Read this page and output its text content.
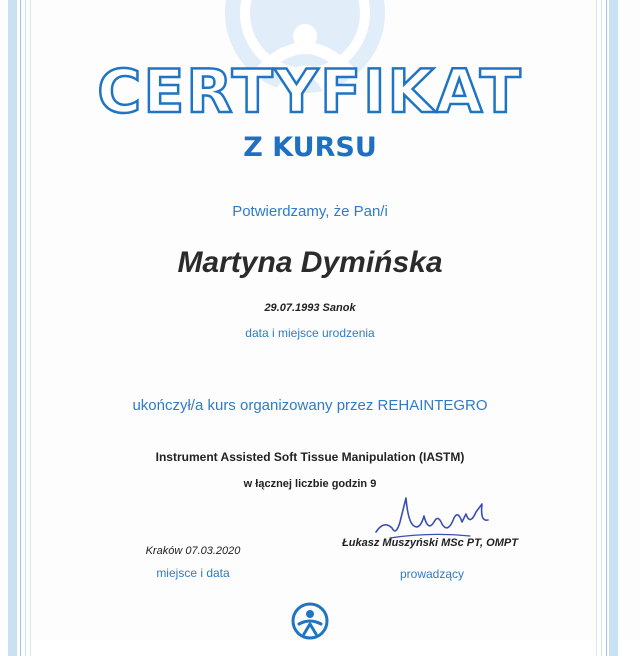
CERTYFIKAT
Z KURSU
Potwierdzamy, że Pan/i
Martyna Dymińska
29.07.1993 Sanok
data i miejsce urodzenia
ukończył/a kurs organizowany przez REHAINTEGRO
Instrument Assisted Soft Tissue Manipulation (IASTM)
w łącznej liczbie godzin 9
Kraków 07.03.2020
miejsce i data
Łukasz Muszyński MSc PT, OMPT
prowadzący
